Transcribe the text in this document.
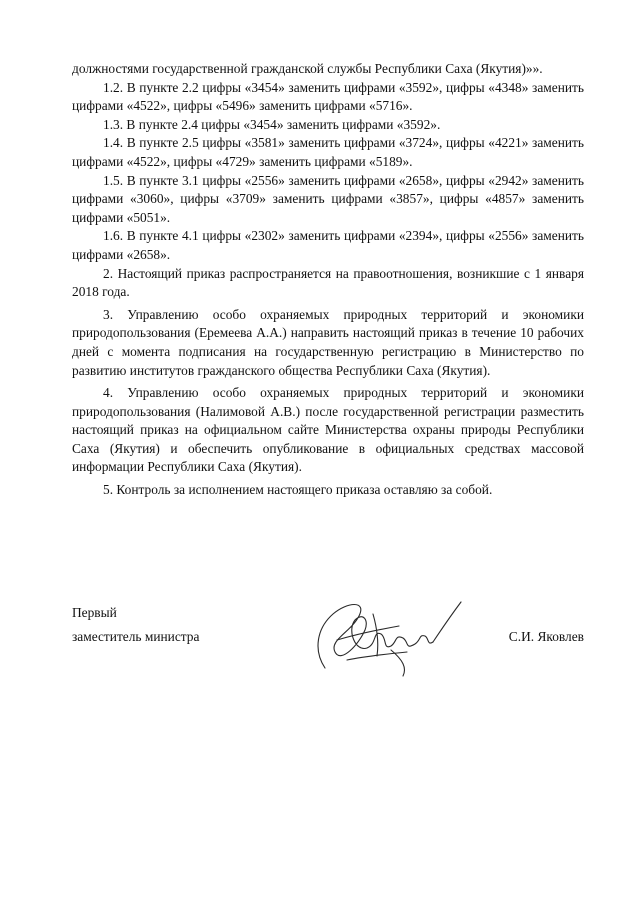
должностями государственной гражданской службы Республики Саха (Якутия)»».

1.2. В пункте 2.2 цифры «3454» заменить цифрами «3592», цифры «4348» заменить цифрами «4522», цифры «5496» заменить цифрами «5716».

1.3. В пункте 2.4 цифры «3454» заменить цифрами «3592».

1.4. В пункте 2.5 цифры «3581» заменить цифрами «3724», цифры «4221» заменить цифрами «4522», цифры «4729» заменить цифрами «5189».

1.5. В пункте 3.1 цифры «2556» заменить цифрами «2658», цифры «2942» заменить цифрами «3060», цифры «3709» заменить цифрами «3857», цифры «4857» заменить цифрами «5051».

1.6. В пункте 4.1 цифры «2302» заменить цифрами «2394», цифры «2556» заменить цифрами «2658».

2. Настоящий приказ распространяется на правоотношения, возникшие с 1 января 2018 года.

3. Управлению особо охраняемых природных территорий и экономики природопользования (Еремеева А.А.) направить настоящий приказ в течение 10 рабочих дней с момента подписания на государственную регистрацию в Министерство по развитию институтов гражданского общества Республики Саха (Якутия).

4. Управлению особо охраняемых природных территорий и экономики природопользования (Налимовой А.В.) после государственной регистрации разместить настоящий приказ на официальном сайте Министерства охраны природы Республики Саха (Якутия) и обеспечить опубликование в официальных средствах массовой информации Республики Саха (Якутия).

5. Контроль за исполнением настоящего приказа оставляю за собой.

Первый
заместитель министра	С.И. Яковлев
